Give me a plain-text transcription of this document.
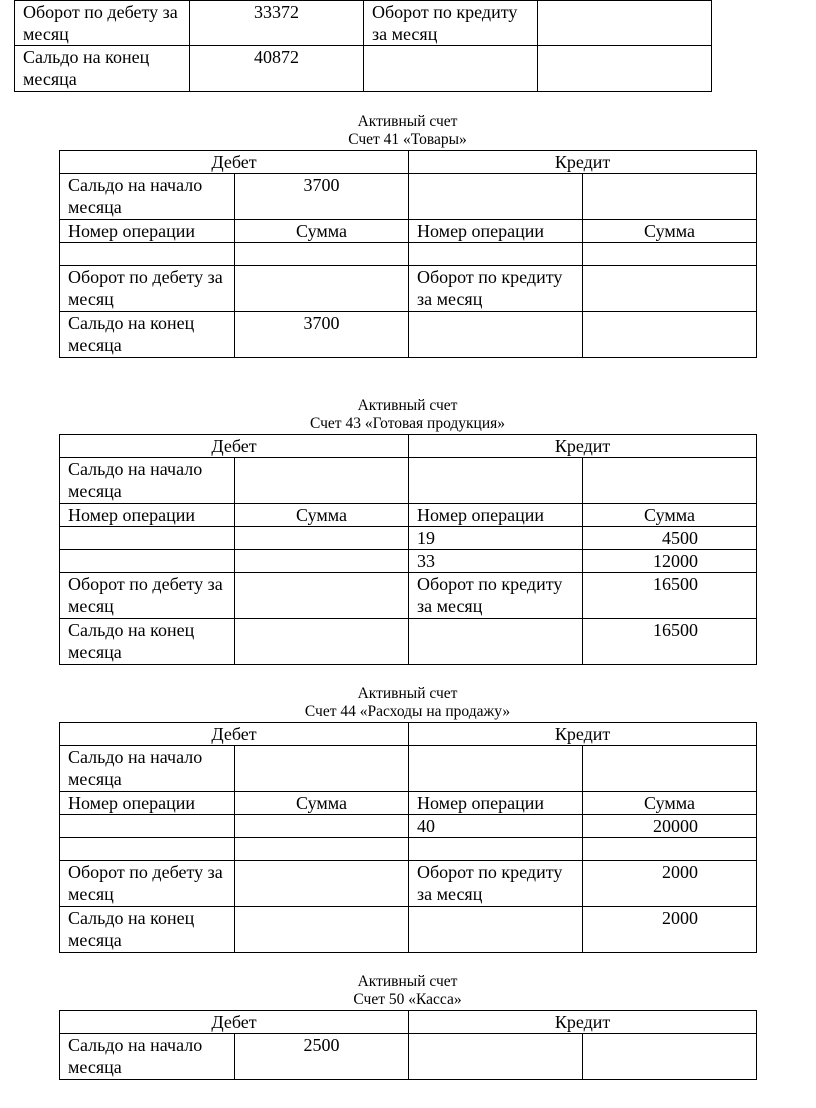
Оборот по дебету за месяц	33372	Оборот по кредиту за месяц	
Сальдо на конец месяца	40872		
Активный счет
Счет 41 «Товары»
Дебет		Кредит	
Сальдо на начало месяца	3700		
Номер операции	Сумма	Номер операции	Сумма

Оборот по дебету за месяц		Оборот по кредиту за месяц	
Сальдо на конец месяца	3700		
Активный счет
Счет 43 «Готовая продукция»
Дебет		Кредит	
Сальдо на начало месяца			
Номер операции	Сумма	Номер операции	Сумма
		19	4500
		33	12000
Оборот по дебету за месяц		Оборот по кредиту за месяц	16500
Сальдо на конец месяца			16500
Активный счет
Счет 44 «Расходы на продажу»
Дебет		Кредит	
Сальдо на начало месяца			
Номер операции	Сумма	Номер операции	Сумма
		40	20000

Оборот по дебету за месяц		Оборот по кредиту за месяц	2000
Сальдо на конец месяца			2000
Активный счет
Счет 50 «Касса»
Дебет		Кредит	
Сальдо на начало месяца	2500		
